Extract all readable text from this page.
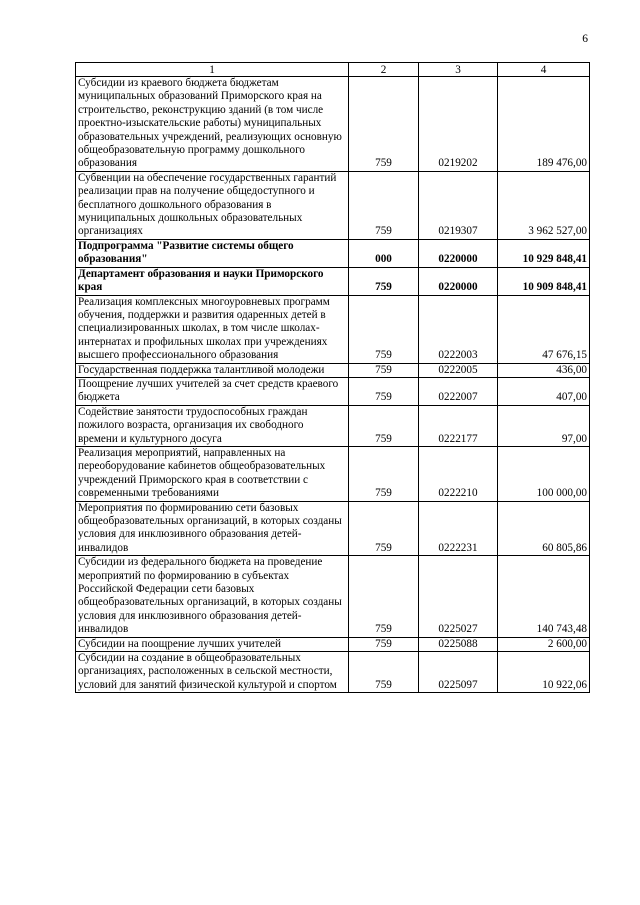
6
1	2	3	4
Субсидии из краевого бюджета бюджетам муниципальных образований Приморского края на строительство, реконструкцию зданий (в том числе проектно-изыскательские работы) муниципальных образовательных учреждений, реализующих основную общеобразовательную программу дошкольного образования	759	0219202	189 476,00
Субвенции на обеспечение государственных гарантий реализации прав на получение общедоступного и бесплатного дошкольного образования в муниципальных дошкольных образовательных организациях	759	0219307	3 962 527,00
Подпрограмма "Развитие системы общего образования"	000	0220000	10 929 848,41
Департамент образования и науки Приморского края	759	0220000	10 909 848,41
Реализация комплексных многоуровневых программ обучения, поддержки и развития одаренных детей в специализированных школах, в том числе школах-интернатах и профильных школах при учреждениях высшего профессионального образования	759	0222003	47 676,15
Государственная поддержка талантливой молодежи	759	0222005	436,00
Поощрение лучших учителей за счет средств краевого бюджета	759	0222007	407,00
Содействие занятости трудоспособных граждан пожилого возраста, организация их свободного времени и культурного досуга	759	0222177	97,00
Реализация мероприятий, направленных на переоборудование кабинетов общеобразовательных учреждений Приморского края в соответствии с современными требованиями	759	0222210	100 000,00
Мероприятия по формированию сети базовых общеобразовательных организаций, в которых созданы условия для инклюзивного образования детей-инвалидов	759	0222231	60 805,86
Субсидии из федерального бюджета на проведение мероприятий по формированию в субъектах Российской Федерации сети базовых общеобразовательных организаций, в которых созданы условия для инклюзивного образования детей-инвалидов	759	0225027	140 743,48
Субсидии на поощрение лучших учителей	759	0225088	2 600,00
Субсидии на создание в общеобразовательных организациях, расположенных в сельской местности, условий для занятий физической культурой и спортом	759	0225097	10 922,06
